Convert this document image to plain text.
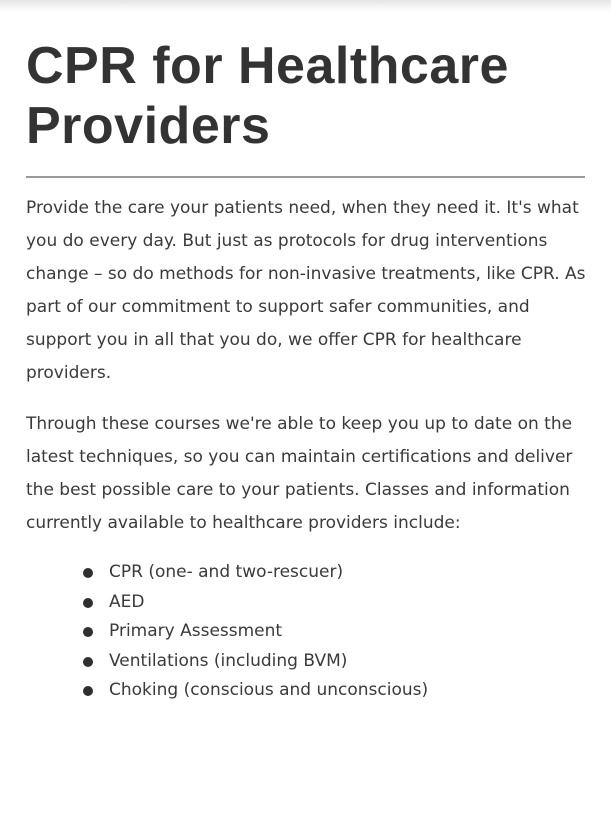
CPR for Healthcare Providers

Provide the care your patients need, when they need it. It's what you do every day. But just as protocols for drug interventions change – so do methods for non-invasive treatments, like CPR. As part of our commitment to support safer communities, and support you in all that you do, we offer CPR for healthcare providers.

Through these courses we're able to keep you up to date on the latest techniques, so you can maintain certifications and deliver the best possible care to your patients. Classes and information currently available to healthcare providers include:

CPR (one- and two-rescuer)
AED
Primary Assessment
Ventilations (including BVM)
Choking (conscious and unconscious)
